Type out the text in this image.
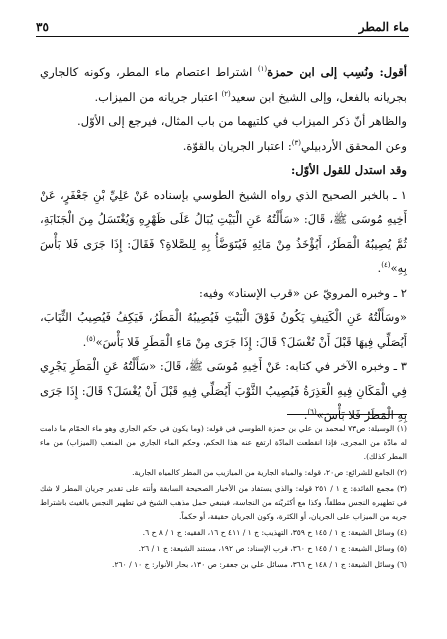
ماء المطر
٣٥

أقول: ونُسِب إلى ابن حمزة$^{(١)}$ اشتراط اعتصام ماء المطر، وكونه كالجاري بجريانه بالفعل، وإلى الشيخ ابن سعيد$^{(٢)}$ اعتبار جريانه من الميزاب.

والظاهر أنّ ذكر الميزاب في كلتيهما من باب المثال، فيرجع إلى الأوّل.

وعن المحقق الأردبيلي$^{(٣)}$: اعتبار الجريان بالقوّة.

وقد استدل للقول الأوّل:

١ ـ بالخبر الصحيح الذي رواه الشيخ الطوسي بإسناده عَنْ عَلِيِّ بْنِ جَعْفَرٍ، عَنْ أَخِيهِ مُوسَى ﷺ، قَالَ: «سَأَلْتُهُ عَنِ الْبَيْتِ يُبَالُ عَلَى ظَهْرِهِ وَيُغْتَسَلُ مِنَ الْجَنَابَةِ، ثُمَّ يُصِيبُهُ الْمَطَرُ، أَيُؤْخَذُ مِنْ مَائِهِ فَيُتَوَضَّأُ بِهِ لِلصَّلاةِ؟ فَقَالَ: إِذَا جَرَى فَلا بَأْسَ بِهِ»$^{(٤)}$.

٢ ـ وخبره المرويّ عن «قرب الإسناد» وفيه:

«وسَأَلْتُهُ عَنِ الْكَنِيفِ يَكُونُ فَوْقَ الْبَيْتِ فَيُصِيبُهُ الْمَطَرُ، فَيَكِفُ فَيُصِيبُ الثِّيَابَ، أَيُصَلِّي فِيهَا قَبْلَ أَنْ تُغْسَلَ؟ قَالَ: إِذَا جَرَى مِنْ مَاءِ الْمَطَرِ فَلا بَأْسَ»$^{(٥)}$.

٣ ـ وخبره الآخر في كتابه: عَنْ أَخِيهِ مُوسَى ﷺ، قَالَ: «سَأَلْتُهُ عَنِ الْمَطَرِ يَجْرِي فِي الْمَكَانِ فِيهِ الْعَذِرَةُ فَيُصِيبُ الثَّوْبَ أَيُصَلِّي فِيهِ قَبْلَ أَنْ يُغْسَلَ؟ قَالَ: إِذَا جَرَى بِهِ الْمَطَرُ فَلا بَأْسَ»$^{(٦)}$.

(١) الوسيلة: ص٧٣ لمحمد بن علي بن حمزة الطوسي في قوله: (وما يكون في حكم الجاري وهو ماء الحمّام ما دامت له مادّة من المجرى، فإذا انقطعت المادّة ارتفع عنه هذا الحكم، وحكم الماء الجاري من المنعب (الميزاب) من ماء المطر كذلك).

(٢) الجامع للشرائع: ص٢٠، قوله: والمياه الجارية من الميازيب من المطر كالمياه الجارية.

(٣) مجمع الفائدة: ج ١ / ٢٥١ قوله: والذي يستفاد من الأخبار الصحيحة السابقة وأنته على تقدير جريان المطر لا شك في تطهيره النجس مطلقاً، وكذا مع أكثريّته من النجاسة، فينبغي حمل مذهب الشيخ في تطهير النجس بالغيث باشتراط جريه من الميزاب على الجريان، أو الكثرة، وكون الجريان حقيقة، أو حكماً.

(٤) وسائل الشيعة: ج ١ / ١٤٥ ح ٣٥٩، التهذيب: ج ١ / ٤١١ ح ١٦، الفقيه: ج ١ / ٨ ح ٦.

(٥) وسائل الشيعة: ج ١ / ١٤٥ ح ٣٦٠، قرب الإسناد: ص ١٩٢، مستند الشيعة: ج ١ / ٢٦.

(٦) وسائل الشيعة: ج ١ / ١٤٨ ح ٣٦٦، مسائل علي بن جعفر: ص ١٣٠، بحار الأنوار: ج ١٠ / ٢٦٠.
